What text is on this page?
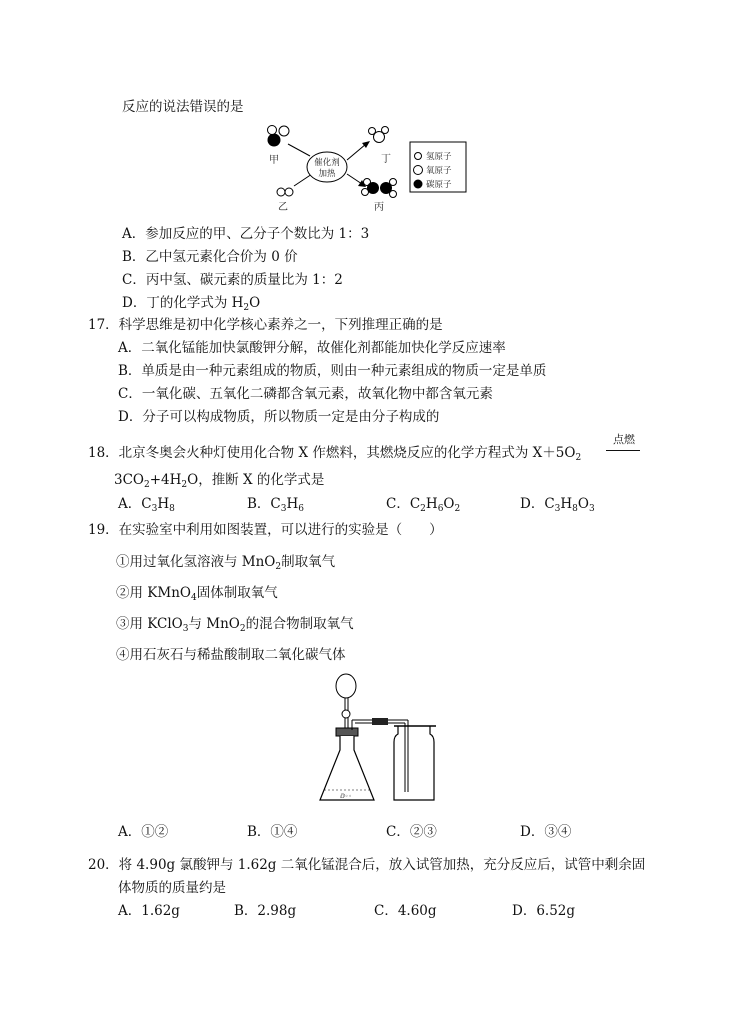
反应的说法错误的是
甲
乙
催化剂
加热
丁
丙
氢原子
氧原子
碳原子
A．参加反应的甲、乙分子个数比为 1：3
B．乙中氢元素化合价为 0 价
C．丙中氢、碳元素的质量比为 1：2
D．丁的化学式为 $H_2O$
17．科学思维是初中化学核心素养之一，下列推理正确的是
A．二氧化锰能加快氯酸钾分解，故催化剂都能加快化学反应速率
B．单质是由一种元素组成的物质，则由一种元素组成的物质一定是单质
C．一氧化碳、五氧化二磷都含氧元素，故氧化物中都含氧元素
D．分子可以构成物质，所以物质一定是由分子构成的
18．北京冬奥会火种灯使用化合物 X 作燃料，其燃烧反应的化学方程式为 $X+5O_2$
点燃
$3CO_2+4H_2O$，推断 X 的化学式是
A．$C_3H_8$	B．$C_3H_6$	C．$C_2H_6O_2$	D．$C_3H_8O_3$
19．在实验室中利用如图装置，可以进行的实验是（　　）
①用过氧化氢溶液与 MnO$_2$制取氧气
②用 KMnO$_4$固体制取氧气
③用 KClO$_3$与 MnO$_2$的混合物制取氧气
④用石灰石与稀盐酸制取二氧化碳气体
ⅅ◦◦
A．①②	B．①④	C．②③	D．③④
20．将 4.90g 氯酸钾与 1.62g 二氧化锰混合后，放入试管加热，充分反应后，试管中剩余固
体物质的质量约是
A．1.62g	B．2.98g	C．4.60g	D．6.52g
